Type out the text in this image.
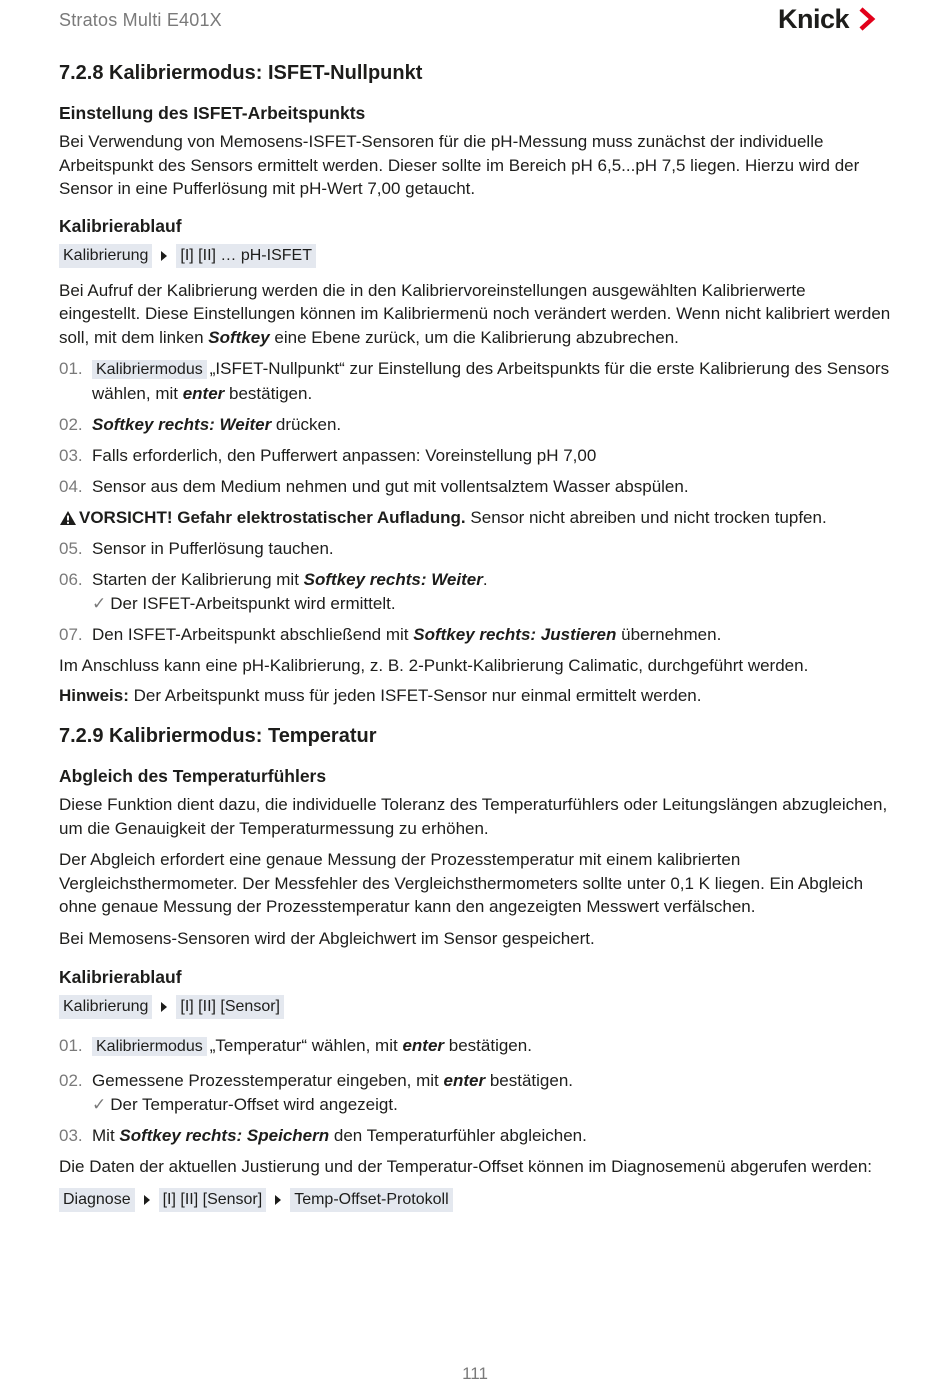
Stratos Multi E401X	Knick
7.2.8 Kalibriermodus: ISFET-Nullpunkt
Einstellung des ISFET-Arbeitspunkts

Bei Verwendung von Memosens-ISFET-Sensoren für die pH-Messung muss zunächst der individuelle Arbeitspunkt des Sensors ermittelt werden. Dieser sollte im Bereich pH 6,5...pH 7,5 liegen. Hierzu wird der Sensor in eine Pufferlösung mit pH-Wert 7,00 getaucht.

Kalibrierablauf
Kalibrierung [I] [II] … pH-ISFET

Bei Aufruf der Kalibrierung werden die in den Kalibriervoreinstellungen ausgewählten Kalibrierwerte eingestellt. Diese Einstellungen können im Kalibriermenü noch verändert werden. Wenn nicht kalibriert werden soll, mit dem linken Softkey eine Ebene zurück, um die Kalibrierung abzubrechen.

01. Kalibriermodus „ISFET-Nullpunkt“ zur Einstellung des Arbeitspunkts für die erste Kalibrierung des Sensors wählen, mit enter bestätigen.
02. Softkey rechts: Weiter drücken.
03. Falls erforderlich, den Pufferwert anpassen: Voreinstellung pH 7,00
04. Sensor aus dem Medium nehmen und gut mit vollentsalztem Wasser abspülen.
VORSICHT! Gefahr elektrostatischer Aufladung. Sensor nicht abreiben und nicht trocken tupfen.
05. Sensor in Pufferlösung tauchen.
06. Starten der Kalibrierung mit Softkey rechts: Weiter.
✓ Der ISFET-Arbeitspunkt wird ermittelt.
07. Den ISFET-Arbeitspunkt abschließend mit Softkey rechts: Justieren übernehmen.

Im Anschluss kann eine pH-Kalibrierung, z. B. 2-Punkt-Kalibrierung Calimatic, durchgeführt werden.

Hinweis: Der Arbeitspunkt muss für jeden ISFET-Sensor nur einmal ermittelt werden.

7.2.9 Kalibriermodus: Temperatur
Abgleich des Temperaturfühlers

Diese Funktion dient dazu, die individuelle Toleranz des Temperaturfühlers oder Leitungslängen abzugleichen, um die Genauigkeit der Temperaturmessung zu erhöhen.

Der Abgleich erfordert eine genaue Messung der Prozesstemperatur mit einem kalibrierten Vergleichsthermometer. Der Messfehler des Vergleichsthermometers sollte unter 0,1 K liegen. Ein Abgleich ohne genaue Messung der Prozesstemperatur kann den angezeigten Messwert verfälschen.

Bei Memosens-Sensoren wird der Abgleichwert im Sensor gespeichert.

Kalibrierablauf
Kalibrierung [I] [II] [Sensor]
01. Kalibriermodus „Temperatur“ wählen, mit enter bestätigen.
02. Gemessene Prozesstemperatur eingeben, mit enter bestätigen.
✓ Der Temperatur-Offset wird angezeigt.
03. Mit Softkey rechts: Speichern den Temperaturfühler abgleichen.

Die Daten der aktuellen Justierung und der Temperatur-Offset können im Diagnosemenü abgerufen werden:

Diagnose [I] [II] [Sensor] Temp-Offset-Protokoll
111
